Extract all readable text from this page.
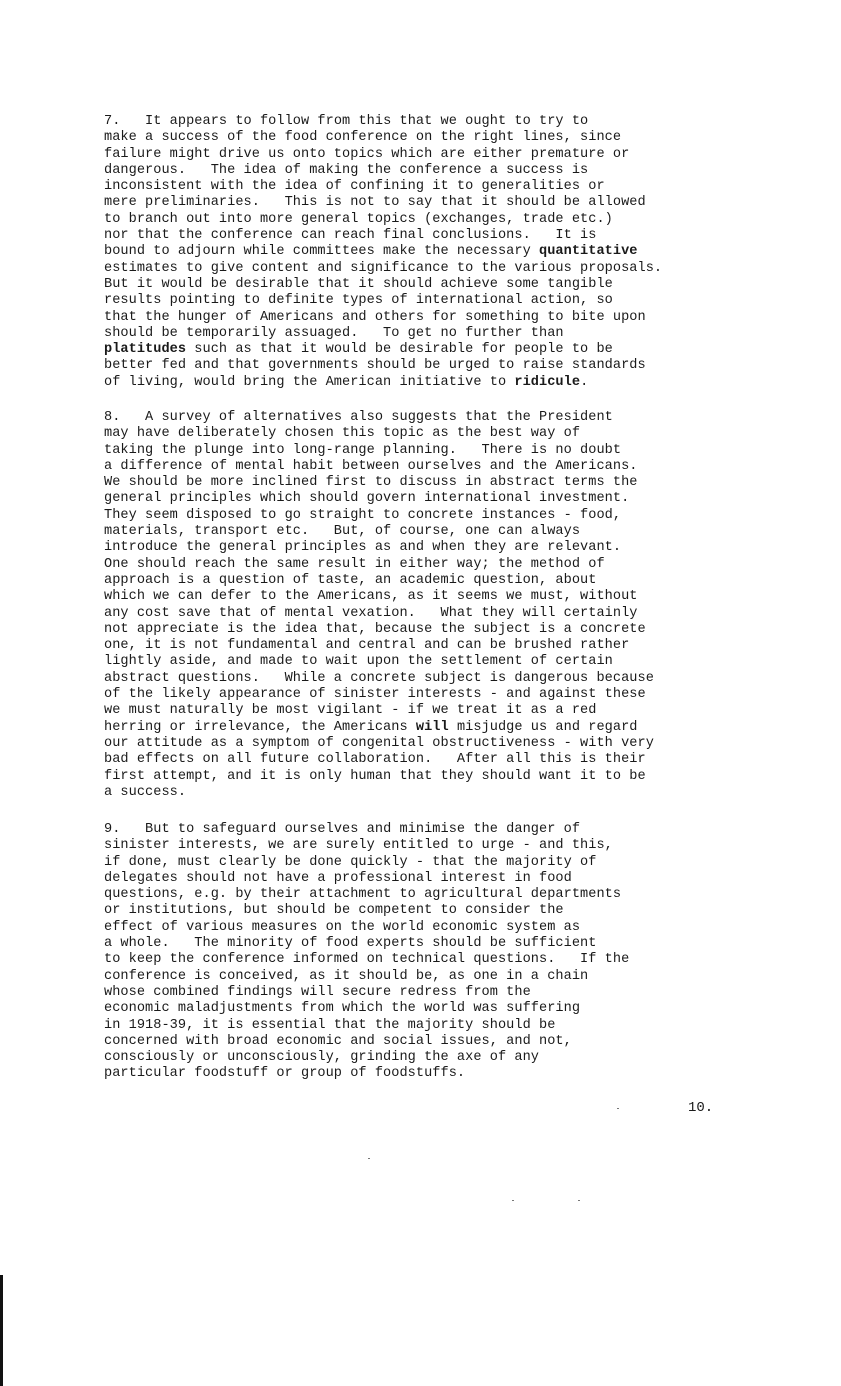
7. It appears to follow from this that we ought to try to
make a success of the food conference on the right lines, since
failure might drive us onto topics which are either premature or
dangerous.   The idea of making the conference a success is
inconsistent with the idea of confining it to generalities or
mere preliminaries.   This is not to say that it should be allowed
to branch out into more general topics (exchanges, trade etc.)
nor that the conference can reach final conclusions.   It is
bound to adjourn while committees make the necessary quantitative
estimates to give content and significance to the various proposals.
But it would be desirable that it should achieve some tangible
results pointing to definite types of international action, so
that the hunger of Americans and others for something to bite upon
should be temporarily assuaged.   To get no further than
platitudes such as that it would be desirable for people to be
better fed and that governments should be urged to raise standards
of living, would bring the American initiative to ridicule.

8. A survey of alternatives also suggests that the President
may have deliberately chosen this topic as the best way of
taking the plunge into long-range planning.   There is no doubt
a difference of mental habit between ourselves and the Americans.
We should be more inclined first to discuss in abstract terms the
general principles which should govern international investment.
They seem disposed to go straight to concrete instances - food,
materials, transport etc.   But, of course, one can always
introduce the general principles as and when they are relevant.
One should reach the same result in either way; the method of
approach is a question of taste, an academic question, about
which we can defer to the Americans, as it seems we must, without
any cost save that of mental vexation.   What they will certainly
not appreciate is the idea that, because the subject is a concrete
one, it is not fundamental and central and can be brushed rather
lightly aside, and made to wait upon the settlement of certain
abstract questions.   While a concrete subject is dangerous because
of the likely appearance of sinister interests - and against these
we must naturally be most vigilant - if we treat it as a red
herring or irrelevance, the Americans will misjudge us and regard
our attitude as a symptom of congenital obstructiveness - with very
bad effects on all future collaboration.   After all this is their
first attempt, and it is only human that they should want it to be
a success.

9. But to safeguard ourselves and minimise the danger of
sinister interests, we are surely entitled to urge - and this,
if done, must clearly be done quickly - that the majority of
delegates should not have a professional interest in food
questions, e.g. by their attachment to agricultural departments
or institutions, but should be competent to consider the
effect of various measures on the world economic system as
a whole.   The minority of food experts should be sufficient
to keep the conference informed on technical questions.   If the
conference is conceived, as it should be, as one in a chain
whose combined findings will secure redress from the
economic maladjustments from which the world was suffering
in 1918-39, it is essential that the majority should be
concerned with broad economic and social issues, and not,
consciously or unconsciously, grinding the axe of any
particular foodstuff or group of foodstuffs.

10.
